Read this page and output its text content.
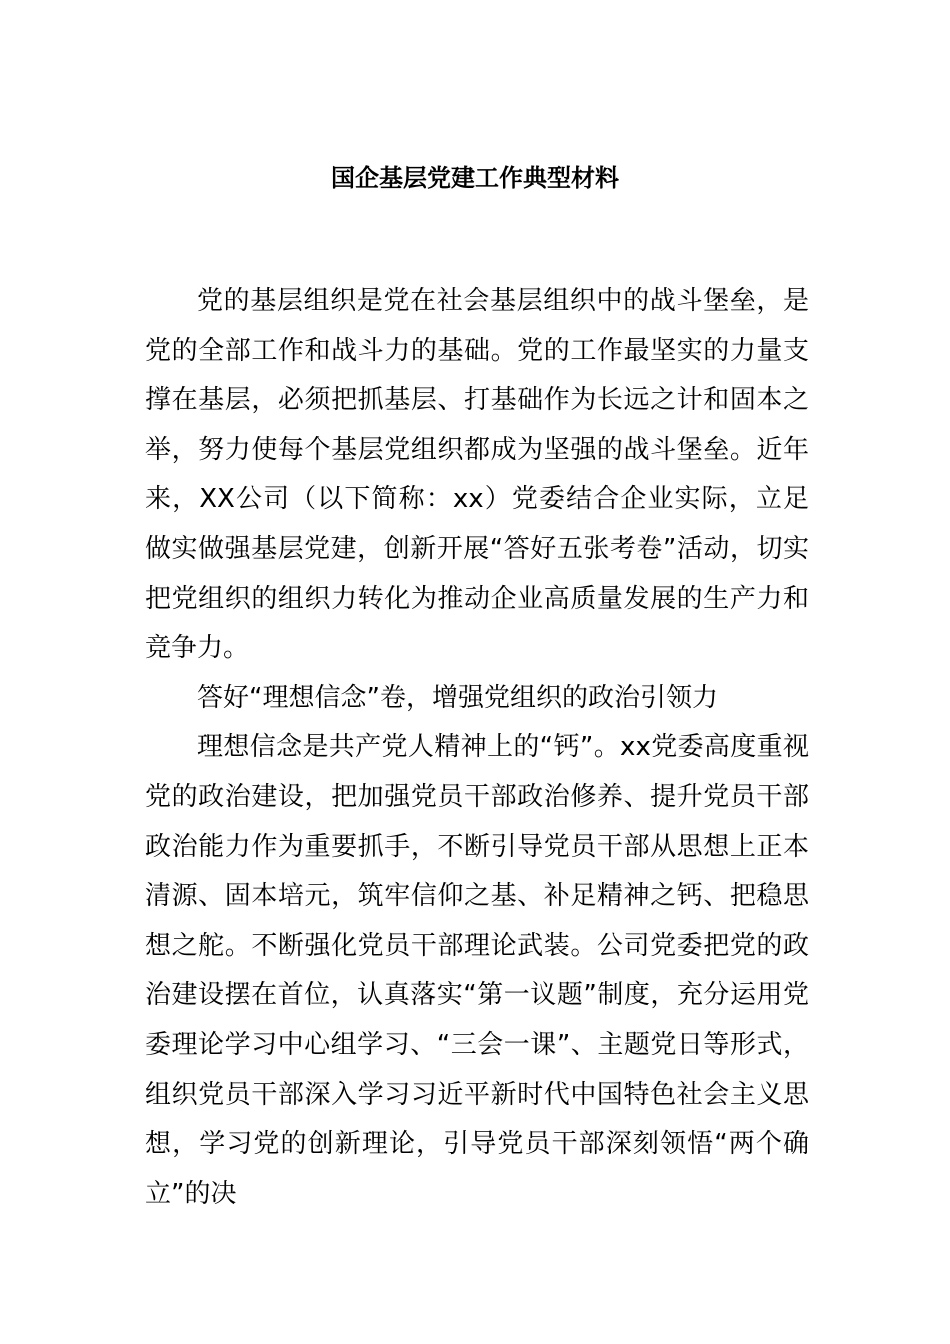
国企基层党建工作典型材料

党的基层组织是党在社会基层组织中的战斗堡垒，是党的全部工作和战斗力的基础。党的工作最坚实的力量支撑在基层，必须把抓基层、打基础作为长远之计和固本之举，努力使每个基层党组织都成为坚强的战斗堡垒。近年来，XX公司（以下简称：xx）党委结合企业实际，立足做实做强基层党建，创新开展“答好五张考卷”活动，切实把党组织的组织力转化为推动企业高质量发展的生产力和竞争力。

答好“理想信念”卷，增强党组织的政治引领力

理想信念是共产党人精神上的“钙”。xx党委高度重视党的政治建设，把加强党员干部政治修养、提升党员干部政治能力作为重要抓手，不断引导党员干部从思想上正本清源、固本培元，筑牢信仰之基、补足精神之钙、把稳思想之舵。不断强化党员干部理论武装。公司党委把党的政治建设摆在首位，认真落实“第一议题”制度，充分运用党委理论学习中心组学习、“三会一课”、主题党日等形式，组织党员干部深入学习习近平新时代中国特色社会主义思想，学习党的创新理论，引导党员干部深刻领悟“两个确立”的决
